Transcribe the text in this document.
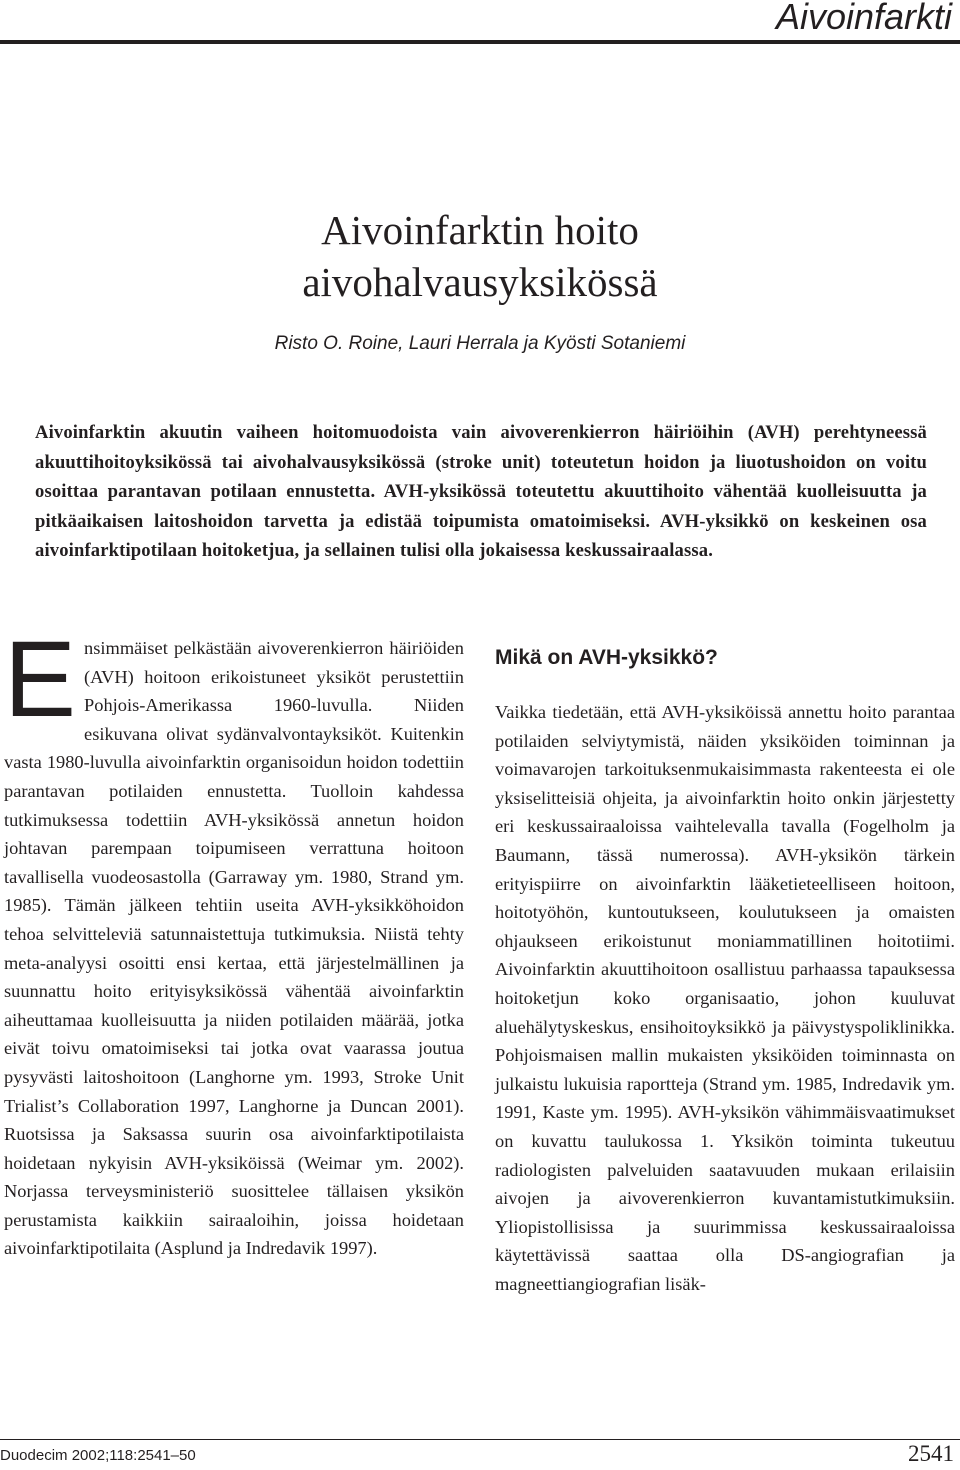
Aivoinfarkti
Aivoinfarktin hoito
aivohalvausyksikössä
Risto O. Roine, Lauri Herrala ja Kyösti Sotaniemi

Aivoinfarktin akuutin vaiheen hoitomuodoista vain aivoverenkierron häiriöihin (AVH) perehtyneessä akuuttihoitoyksikössä tai aivohalvausyksikössä (stroke unit) toteutetun hoidon ja liuotushoidon on voitu osoittaa parantavan potilaan ennustetta. AVH-yksikössä toteutettu akuuttihoito vähentää kuolleisuutta ja pitkäaikaisen laitoshoidon tarvetta ja edistää toipumista omatoimiseksi. AVH-yksikkö on keskeinen osa aivoinfarktipotilaan hoitoketjua, ja sellainen tulisi olla jokaisessa keskussairaalassa.

Ensimmäiset pelkästään aivoverenkierron häiriöiden (AVH) hoitoon erikoistuneet yksiköt perustettiin Pohjois-Amerikassa 1960-luvulla. Niiden esikuvana olivat sydänvalvontayksiköt. Kuitenkin vasta 1980-luvulla aivoinfarktin organisoidun hoidon todettiin parantavan potilaiden ennustetta. Tuolloin kahdessa tutkimuksessa todettiin AVH-yksikössä annetun hoidon johtavan parempaan toipumiseen verrattuna hoitoon tavallisella vuodeosastolla (Garraway ym. 1980, Strand ym. 1985). Tämän jälkeen tehtiin useita AVH-yksikköhoidon tehoa selvitteleviä satunnaistettuja tutkimuksia. Niistä tehty meta-analyysi osoitti ensi kertaa, että järjestelmällinen ja suunnattu hoito erityisyksikössä vähentää aivoinfarktin aiheuttamaa kuolleisuutta ja niiden potilaiden määrää, jotka eivät toivu omatoimiseksi tai jotka ovat vaarassa joutua pysyvästi laitoshoitoon (Langhorne ym. 1993, Stroke Unit Trialist’s Collaboration 1997, Langhorne ja Duncan 2001). Ruotsissa ja Saksassa suurin osa aivoinfarktipotilaista hoidetaan nykyisin AVH-yksiköissä (Weimar ym. 2002). Norjassa terveysministeriö suosittelee tällaisen yksikön perustamista kaikkiin sairaaloihin, joissa hoidetaan aivoinfarktipotilaita (Asplund ja Indredavik 1997).

Mikä on AVH-yksikkö?

Vaikka tiedetään, että AVH-yksiköissä annettu hoito parantaa potilaiden selviytymistä, näiden yksiköiden toiminnan ja voimavarojen tarkoituksenmukaisimmasta rakenteesta ei ole yksiselitteisiä ohjeita, ja aivoinfarktin hoito onkin järjestetty eri keskussairaaloissa vaihtelevalla tavalla (Fogelholm ja Baumann, tässä numerossa). AVH-yksikön tärkein erityispiirre on aivoinfarktin lääketieteelliseen hoitoon, hoitotyöhön, kuntoutukseen, koulutukseen ja omaisten ohjaukseen erikoistunut moniammatillinen hoitotiimi. Aivoinfarktin akuuttihoitoon osallistuu parhaassa tapauksessa hoitoketjun koko organisaatio, johon kuuluvat aluehälytyskeskus, ensihoitoyksikkö ja päivystyspoliklinikka. Pohjoismaisen mallin mukaisten yksiköiden toiminnasta on julkaistu lukuisia raportteja (Strand ym. 1985, Indredavik ym. 1991, Kaste ym. 1995). AVH-yksikön vähimmäisvaatimukset on kuvattu taulukossa 1. Yksikön toiminta tukeutuu radiologisten palveluiden saatavuuden mukaan erilaisiin aivojen ja aivoverenkierron kuvantamistutkimuksiin. Yliopistollisissa ja suurimmissa keskussairaaloissa käytettävissä saattaa olla DS-angiografian ja magneettiangiografian lisäk-

Duodecim 2002;118:2541–50	2541
